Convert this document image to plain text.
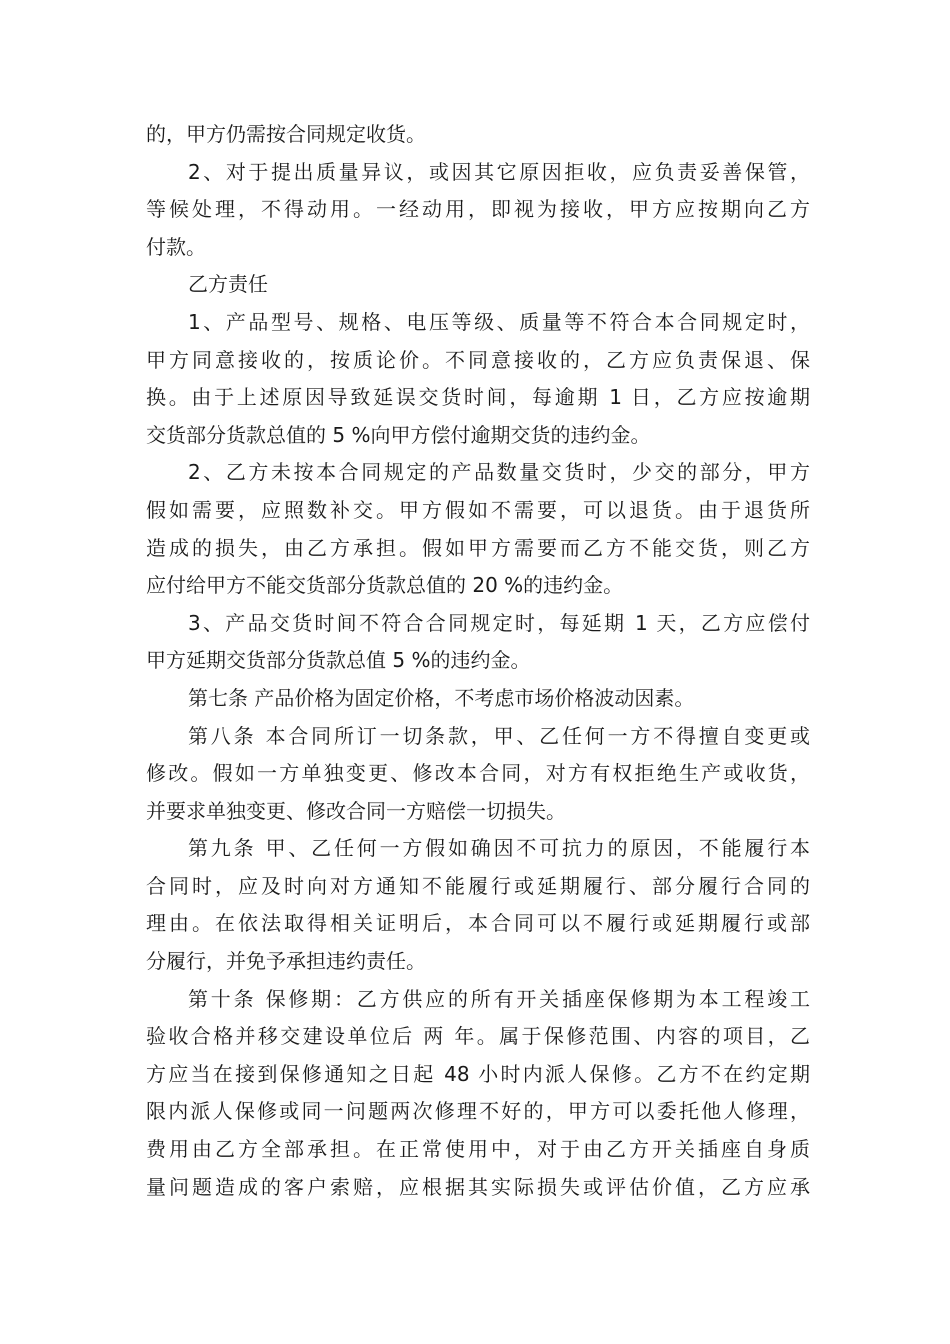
的，甲方仍需按合同规定收货。
2、对于提出质量异议，或因其它原因拒收，应负责妥善保管，
等候处理，不得动用。一经动用，即视为接收，甲方应按期向乙方
付款。
乙方责任
1、产品型号、规格、电压等级、质量等不符合本合同规定时，
甲方同意接收的，按质论价。不同意接收的，乙方应负责保退、保
换。由于上述原因导致延误交货时间，每逾期 1 日，乙方应按逾期
交货部分货款总值的 5 %向甲方偿付逾期交货的违约金。
2、乙方未按本合同规定的产品数量交货时，少交的部分，甲方
假如需要，应照数补交。甲方假如不需要，可以退货。由于退货所
造成的损失，由乙方承担。假如甲方需要而乙方不能交货，则乙方
应付给甲方不能交货部分货款总值的 20 %的违约金。
3、产品交货时间不符合合同规定时，每延期 1 天，乙方应偿付
甲方延期交货部分货款总值 5 %的违约金。
第七条 产品价格为固定价格，不考虑市场价格波动因素。
第八条 本合同所订一切条款，甲、乙任何一方不得擅自变更或
修改。假如一方单独变更、修改本合同，对方有权拒绝生产或收货，
并要求单独变更、修改合同一方赔偿一切损失。
第九条 甲、乙任何一方假如确因不可抗力的原因，不能履行本
合同时，应及时向对方通知不能履行或延期履行、部分履行合同的
理由。在依法取得相关证明后，本合同可以不履行或延期履行或部
分履行，并免予承担违约责任。
第十条 保修期：乙方供应的所有开关插座保修期为本工程竣工
验收合格并移交建设单位后 两 年。属于保修范围、内容的项目，乙
方应当在接到保修通知之日起 48 小时内派人保修。乙方不在约定期
限内派人保修或同一问题两次修理不好的，甲方可以委托他人修理，
费用由乙方全部承担。在正常使用中，对于由乙方开关插座自身质
量问题造成的客户索赔，应根据其实际损失或评估价值，乙方应承
